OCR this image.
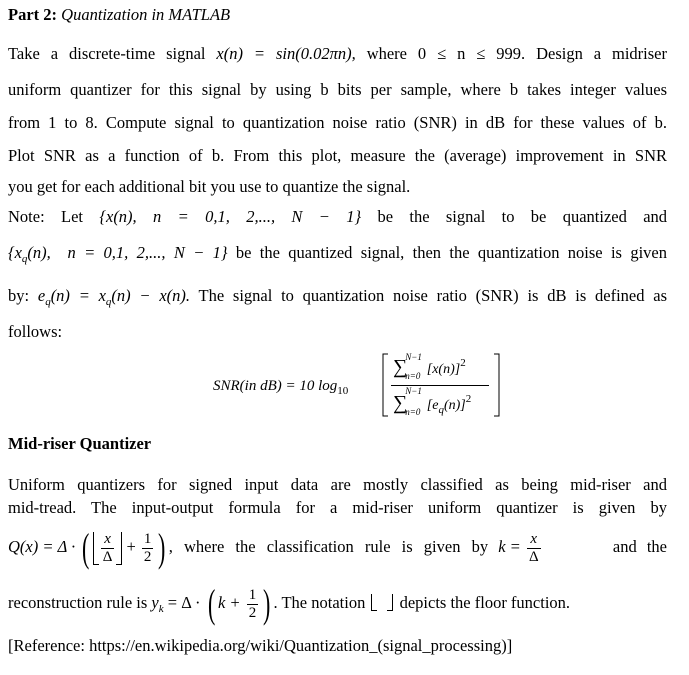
Part 2: Quantization in MATLAB
Take a discrete-time signal x(n) = sin(0.02πn), where 0 ≤ n ≤ 999. Design a midriser
uniform quantizer for this signal by using b bits per sample, where b takes integer values
from 1 to 8. Compute signal to quantization noise ratio (SNR) in dB for these values of b.
Plot SNR as a function of b. From this plot, measure the (average) improvement in SNR
you get for each additional bit you use to quantize the signal.
Note: Let {x(n), n = 0,1, 2,..., N − 1} be the signal to be quantized and
{$x_q(n)$,  n = 0,1, 2,..., N − 1} be the quantized signal, then the quantization noise is given
by: $e_q(n) = x_q(n) - x(n)$. The signal to quantization noise ratio (SNR) is dB is defined as
follows:
SNR(in dB) = 10 $\log_{10}$
∑
N−1
n=0 $[x(n)]^2$
∑
N−1
n=0 $[e_q(n)]^2$
Mid-riser Quantizer
Uniform quantizers for signed input data are mostly classified as being mid-riser and
mid-tread. The input-output formula for a mid-riser uniform quantizer is given by
Q(x) = Δ · ( $\frac{x}{\Delta} + \frac{1}{2}$ ) , where the classification rule is given by $k = \frac{x}{\Delta}$	and the
reconstruction rule is $y_k = \Delta$ · ( $k + \frac{1}{2}$ ) . The notation depicts the floor function.
[Reference: https://en.wikipedia.org/wiki/Quantization_(signal_processing)]
